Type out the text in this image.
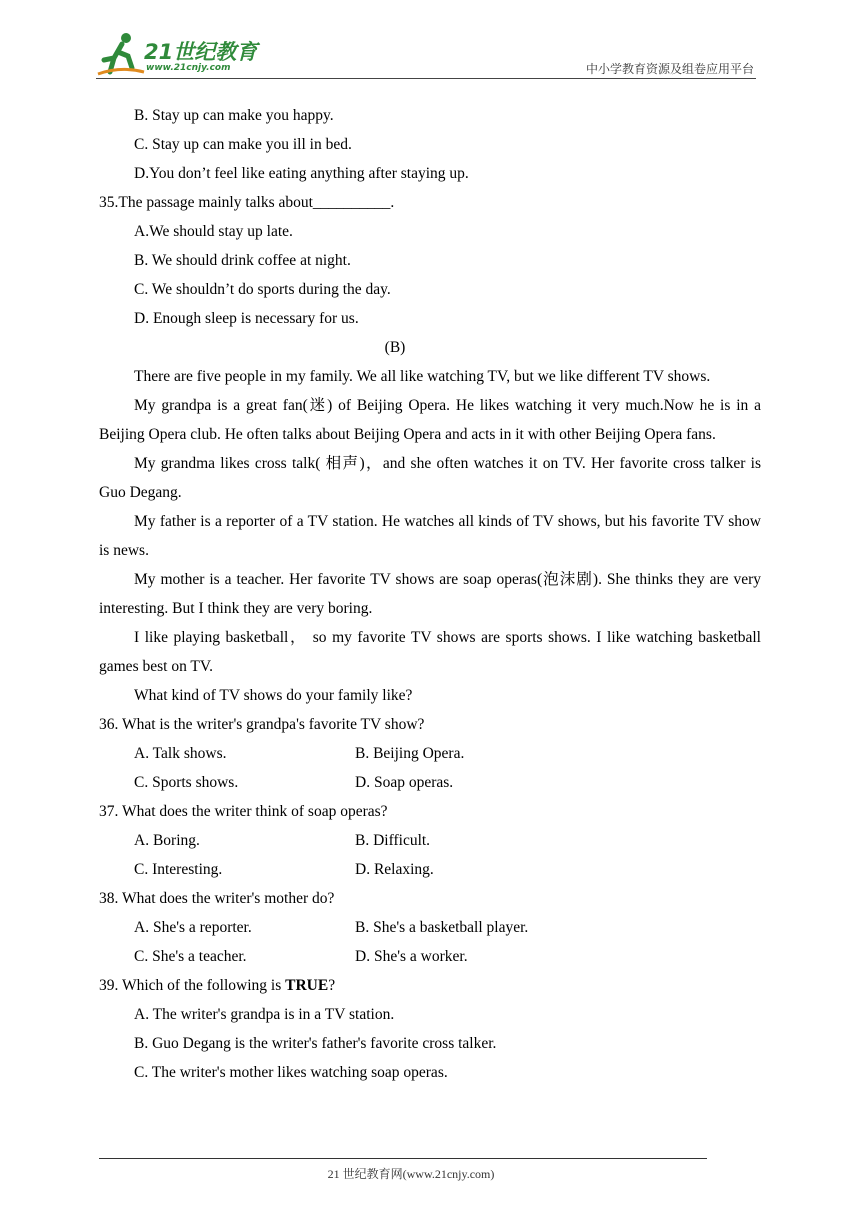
21世纪教育
www.21cnjy.com	中小学教育资源及组卷应用平台
B. Stay up can make you happy.
C. Stay up can make you ill in bed.
D.You don’t feel like eating anything after staying up.
35.The passage mainly talks about__________.
A.We should stay up late.
B. We should drink coffee at night.
C. We shouldn’t do sports during the day.
D. Enough sleep is necessary for us.
(B)
There are five people in my family. We all like watching TV, but we like different TV shows.
My grandpa is a great fan(迷) of Beijing Opera. He likes watching it very much.Now he is in a Beijing Opera club. He often talks about Beijing Opera and acts in it with other Beijing Opera fans.
My grandma likes cross talk( 相声)，and she often watches it on TV. Her favorite cross talker is Guo Degang.
My father is a reporter of a TV station. He watches all kinds of TV shows, but his favorite TV show is news.
My mother is a teacher. Her favorite TV shows are soap operas(泡沫剧). She thinks they are very interesting. But I think they are very boring.
I like playing basketball， so my favorite TV shows are sports shows. I like watching basketball games best on TV.
What kind of TV shows do your family like?
36. What is the writer's grandpa's favorite TV show?
A. Talk shows.	B. Beijing Opera.
C. Sports shows.	D. Soap operas.
37. What does the writer think of soap operas?
A. Boring.	B. Difficult.
C. Interesting.	D. Relaxing.
38. What does the writer's mother do?
A. She's a reporter.	B. She's a basketball player.
C. She's a teacher.	D. She's a worker.
39. Which of the following is TRUE?
A. The writer's grandpa is in a TV station.
B. Guo Degang is the writer's father's favorite cross talker.
C. The writer's mother likes watching soap operas.
21 世纪教育网(www.21cnjy.com)
